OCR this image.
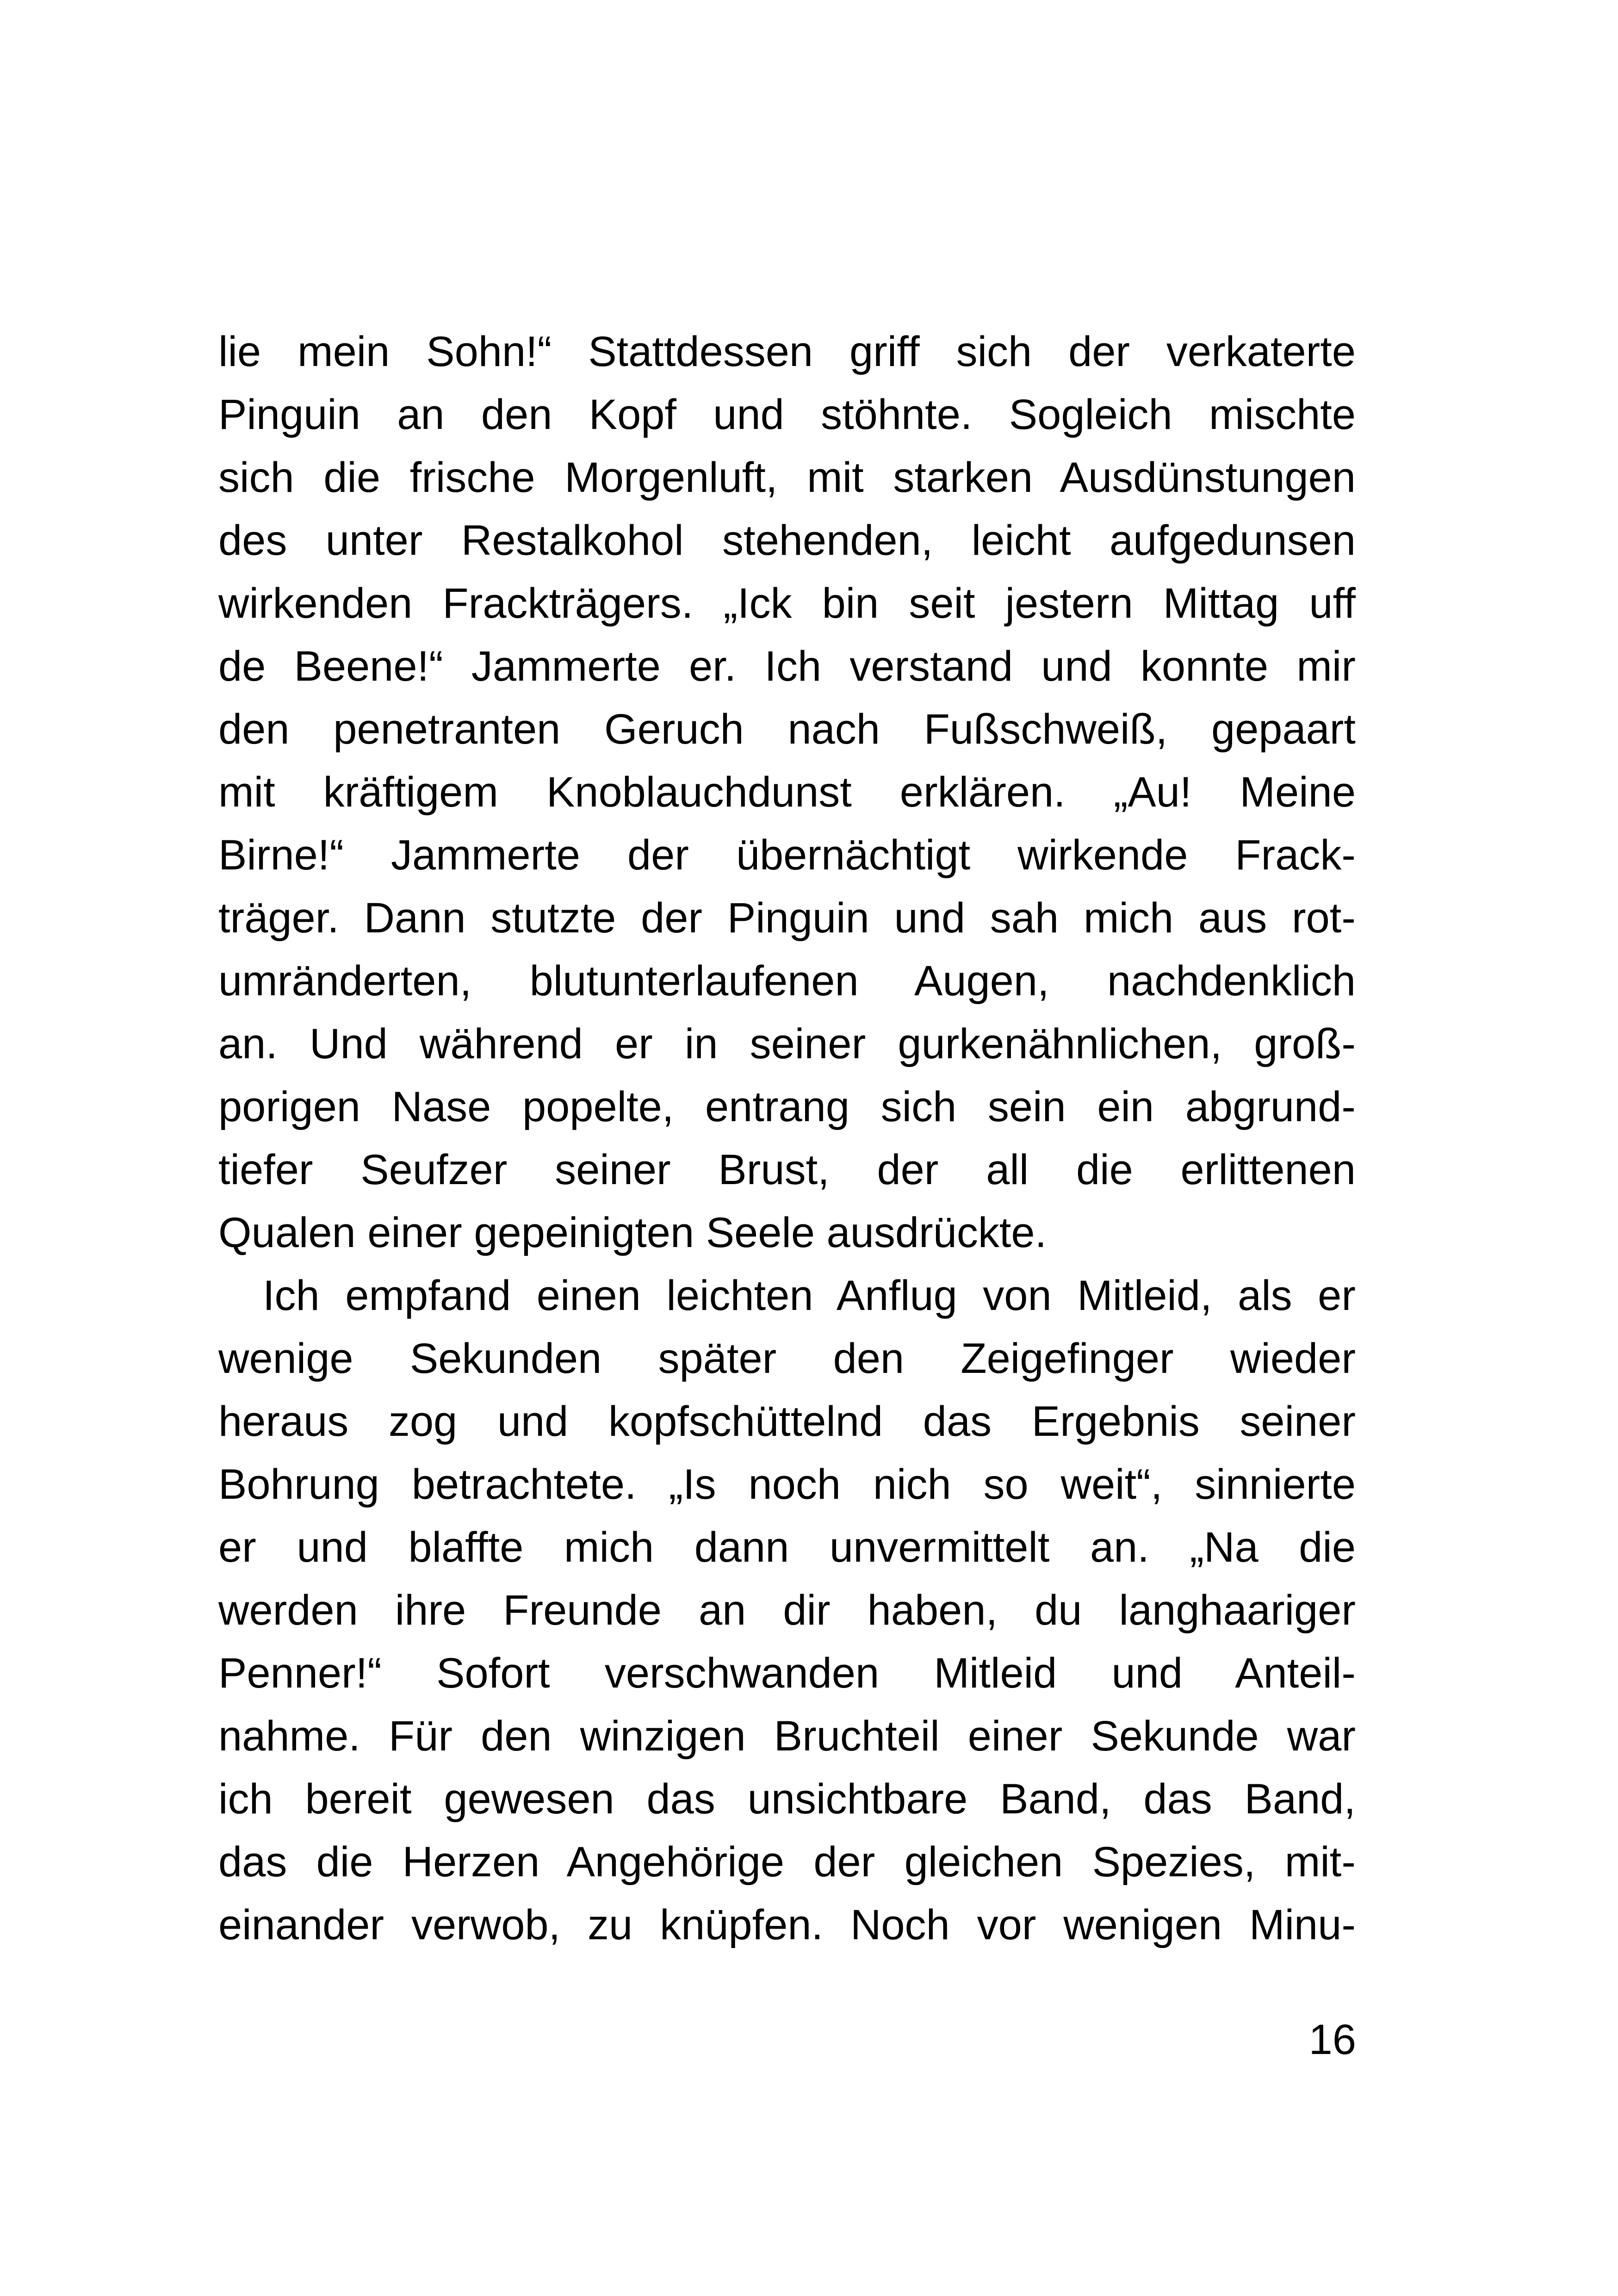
lie mein Sohn!“ Stattdessen griff sich der verkaterte
Pinguin an den Kopf und stöhnte. Sogleich mischte
sich die frische Morgenluft, mit starken Ausdünstungen
des unter Restalkohol stehenden, leicht aufgedunsen
wirkenden Frackträgers. „Ick bin seit jestern Mittag uff
de Beene!“ Jammerte er. Ich verstand und konnte mir
den penetranten Geruch nach Fußschweiß, gepaart
mit kräftigem Knoblauchdunst erklären. „Au! Meine
Birne!“ Jammerte der übernächtigt wirkende Frack-
träger. Dann stutzte der Pinguin und sah mich aus rot-
umränderten, blutunterlaufenen Augen, nachdenklich
an. Und während er in seiner gurkenähnlichen, groß-
porigen Nase popelte, entrang sich sein ein abgrund-
tiefer Seufzer seiner Brust, der all die erlittenen
Qualen einer gepeinigten Seele ausdrückte.
Ich empfand einen leichten Anflug von Mitleid, als er
wenige Sekunden später den Zeigefinger wieder
heraus zog und kopfschüttelnd das Ergebnis seiner
Bohrung betrachtete. „Is noch nich so weit“, sinnierte
er und blaffte mich dann unvermittelt an. „Na die
werden ihre Freunde an dir haben, du langhaariger
Penner!“ Sofort verschwanden Mitleid und Anteil-
nahme. Für den winzigen Bruchteil einer Sekunde war
ich bereit gewesen das unsichtbare Band, das Band,
das die Herzen Angehörige der gleichen Spezies, mit-
einander verwob, zu knüpfen. Noch vor wenigen Minu-
16
